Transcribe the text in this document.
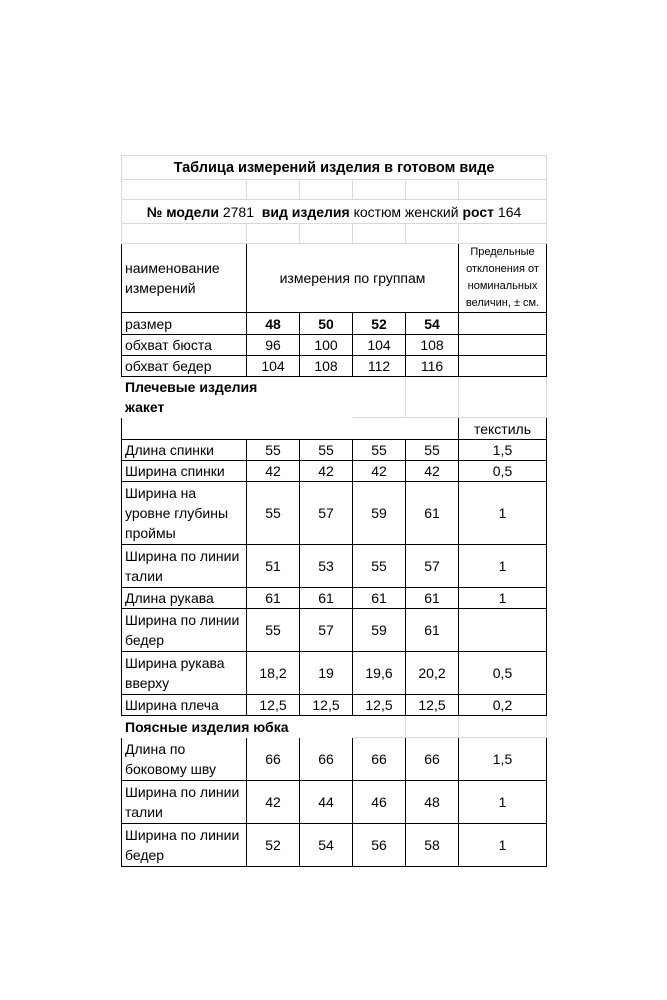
Таблица измерений изделия в готовом виде					

№ модели 2781 вид изделия костюм женский рост 164					

наименование измерений	измерения по группам				Предельные отклонения от номинальных величин, ± см.
размер	48	50	52	54	
обхват бюста	96	100	104	108	
обхват бедер	104	108	112	116	
Плечевые изделия жакет					
					текстиль
Длина спинки	55	55	55	55	1,5
Ширина спинки	42	42	42	42	0,5
Ширина на уровне глубины проймы	55	57	59	61	1
Ширина по линии талии	51	53	55	57	1
Длина рукава	61	61	61	61	1
Ширина по линии бедер	55	57	59	61	
Ширина рукава вверху	18,2	19	19,6	20,2	0,5
Ширина плеча	12,5	12,5	12,5	12,5	0,2
Поясные изделия юбка					
Длина по боковому шву	66	66	66	66	1,5
Ширина по линии талии	42	44	46	48	1
Ширина по линии бедер	52	54	56	58	1
